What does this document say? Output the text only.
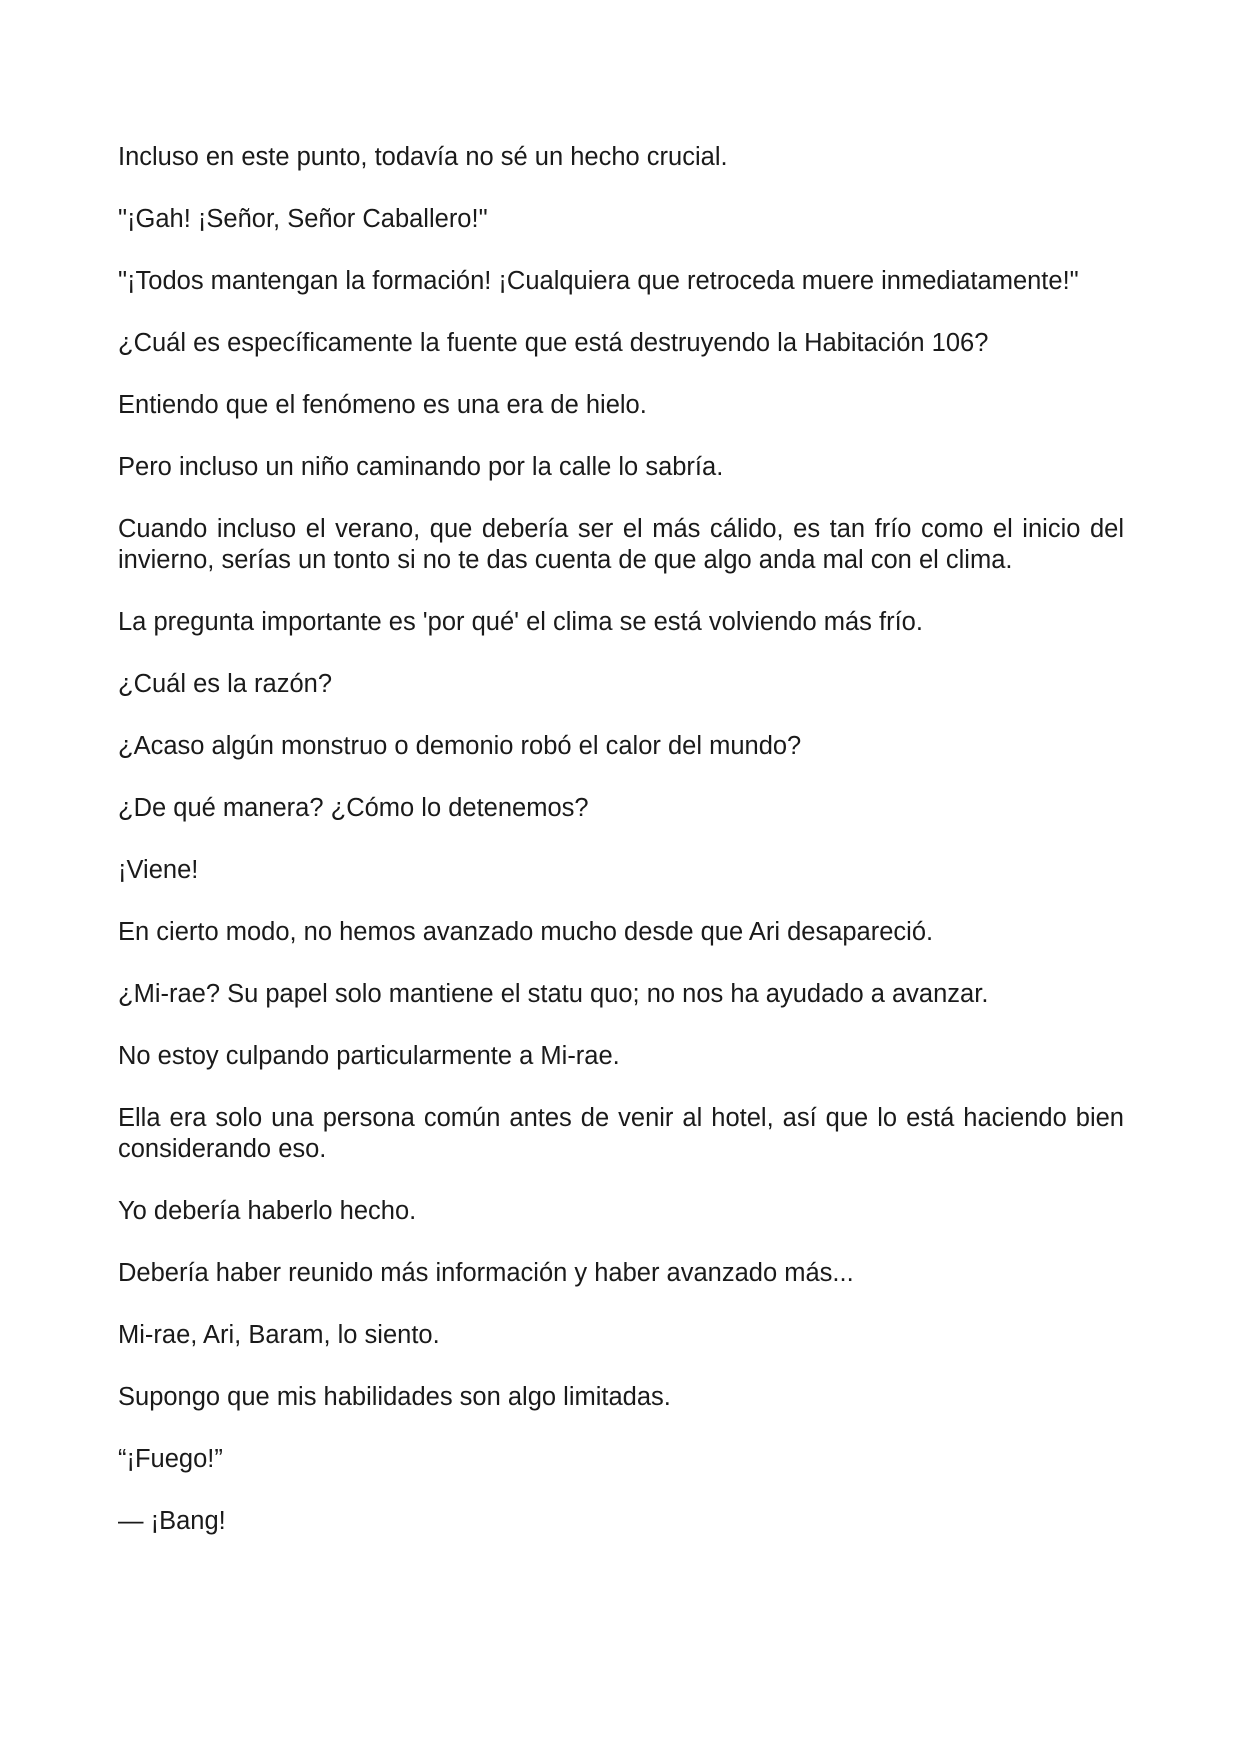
Incluso en este punto, todavía no sé un hecho crucial.

"¡Gah! ¡Señor, Señor Caballero!"

"¡Todos mantengan la formación! ¡Cualquiera que retroceda muere inmediatamente!"

¿Cuál es específicamente la fuente que está destruyendo la Habitación 106?

Entiendo que el fenómeno es una era de hielo.

Pero incluso un niño caminando por la calle lo sabría.

Cuando incluso el verano, que debería ser el más cálido, es tan frío como el inicio del invierno, serías un tonto si no te das cuenta de que algo anda mal con el clima.

La pregunta importante es 'por qué' el clima se está volviendo más frío.

¿Cuál es la razón?

¿Acaso algún monstruo o demonio robó el calor del mundo?

¿De qué manera? ¿Cómo lo detenemos?

¡Viene!

En cierto modo, no hemos avanzado mucho desde que Ari desapareció.

¿Mi-rae? Su papel solo mantiene el statu quo; no nos ha ayudado a avanzar.

No estoy culpando particularmente a Mi-rae.

Ella era solo una persona común antes de venir al hotel, así que lo está haciendo bien considerando eso.

Yo debería haberlo hecho.

Debería haber reunido más información y haber avanzado más...

Mi-rae, Ari, Baram, lo siento.

Supongo que mis habilidades son algo limitadas.

“¡Fuego!”

— ¡Bang!
